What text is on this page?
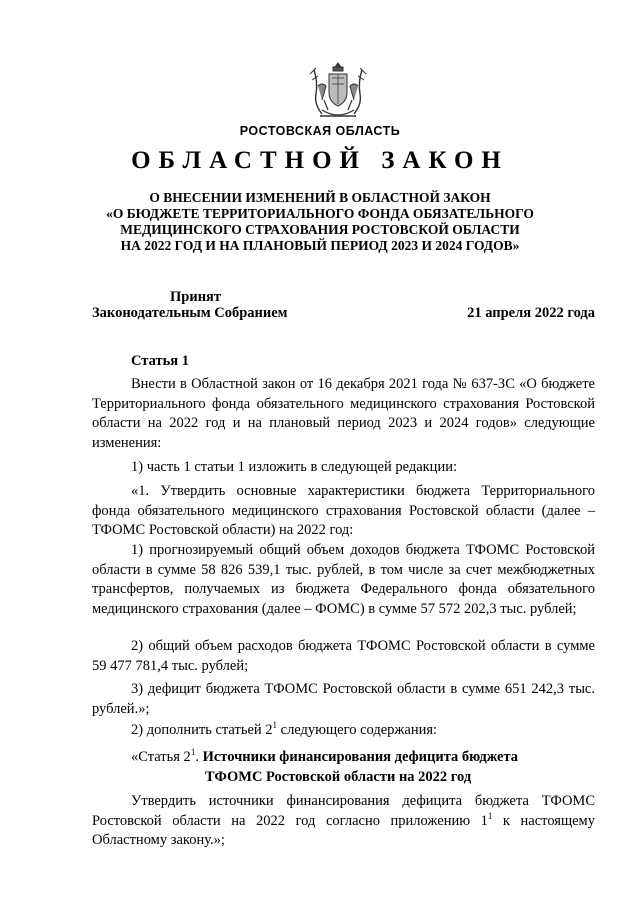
РОСТОВСКАЯ ОБЛАСТЬ
ОБЛАСТНОЙ ЗАКОН
О ВНЕСЕНИИ ИЗМЕНЕНИЙ В ОБЛАСТНОЙ ЗАКОН
«О БЮДЖЕТЕ ТЕРРИТОРИАЛЬНОГО ФОНДА ОБЯЗАТЕЛЬНОГО
МЕДИЦИНСКОГО СТРАХОВАНИЯ РОСТОВСКОЙ ОБЛАСТИ
НА 2022 ГОД И НА ПЛАНОВЫЙ ПЕРИОД 2023 И 2024 ГОДОВ»
Принят
Законодательным Собранием	21 апреля 2022 года
Статья 1
Внести в Областной закон от 16 декабря 2021 года № 637-ЗС «О бюджете Территориального фонда обязательного медицинского страхования Ростовской области на 2022 год и на плановый период 2023 и 2024 годов» следующие изменения:
1) часть 1 статьи 1 изложить в следующей редакции:
«1. Утвердить основные характеристики бюджета Территориального фонда обязательного медицинского страхования Ростовской области (далее – ТФОМС Ростовской области) на 2022 год:
1) прогнозируемый общий объем доходов бюджета ТФОМС Ростовской области в сумме 58 826 539,1 тыс. рублей, в том числе за счет межбюджетных трансфертов, получаемых из бюджета Федерального фонда обязательного медицинского страхования (далее – ФОМС) в сумме 57 572 202,3 тыс. рублей;
2) общий объем расходов бюджета ТФОМС Ростовской области в сумме 59 477 781,4 тыс. рублей;
3) дефицит бюджета ТФОМС Ростовской области в сумме 651 242,3 тыс. рублей.»;
2) дополнить статьей $2^1$ следующего содержания:
«Статья $2^1$. Источники финансирования дефицита бюджета
ТФОМС Ростовской области на 2022 год
Утвердить источники финансирования дефицита бюджета ТФОМС Ростовской области на 2022 год согласно приложению $1^1$ к настоящему Областному закону.»;
